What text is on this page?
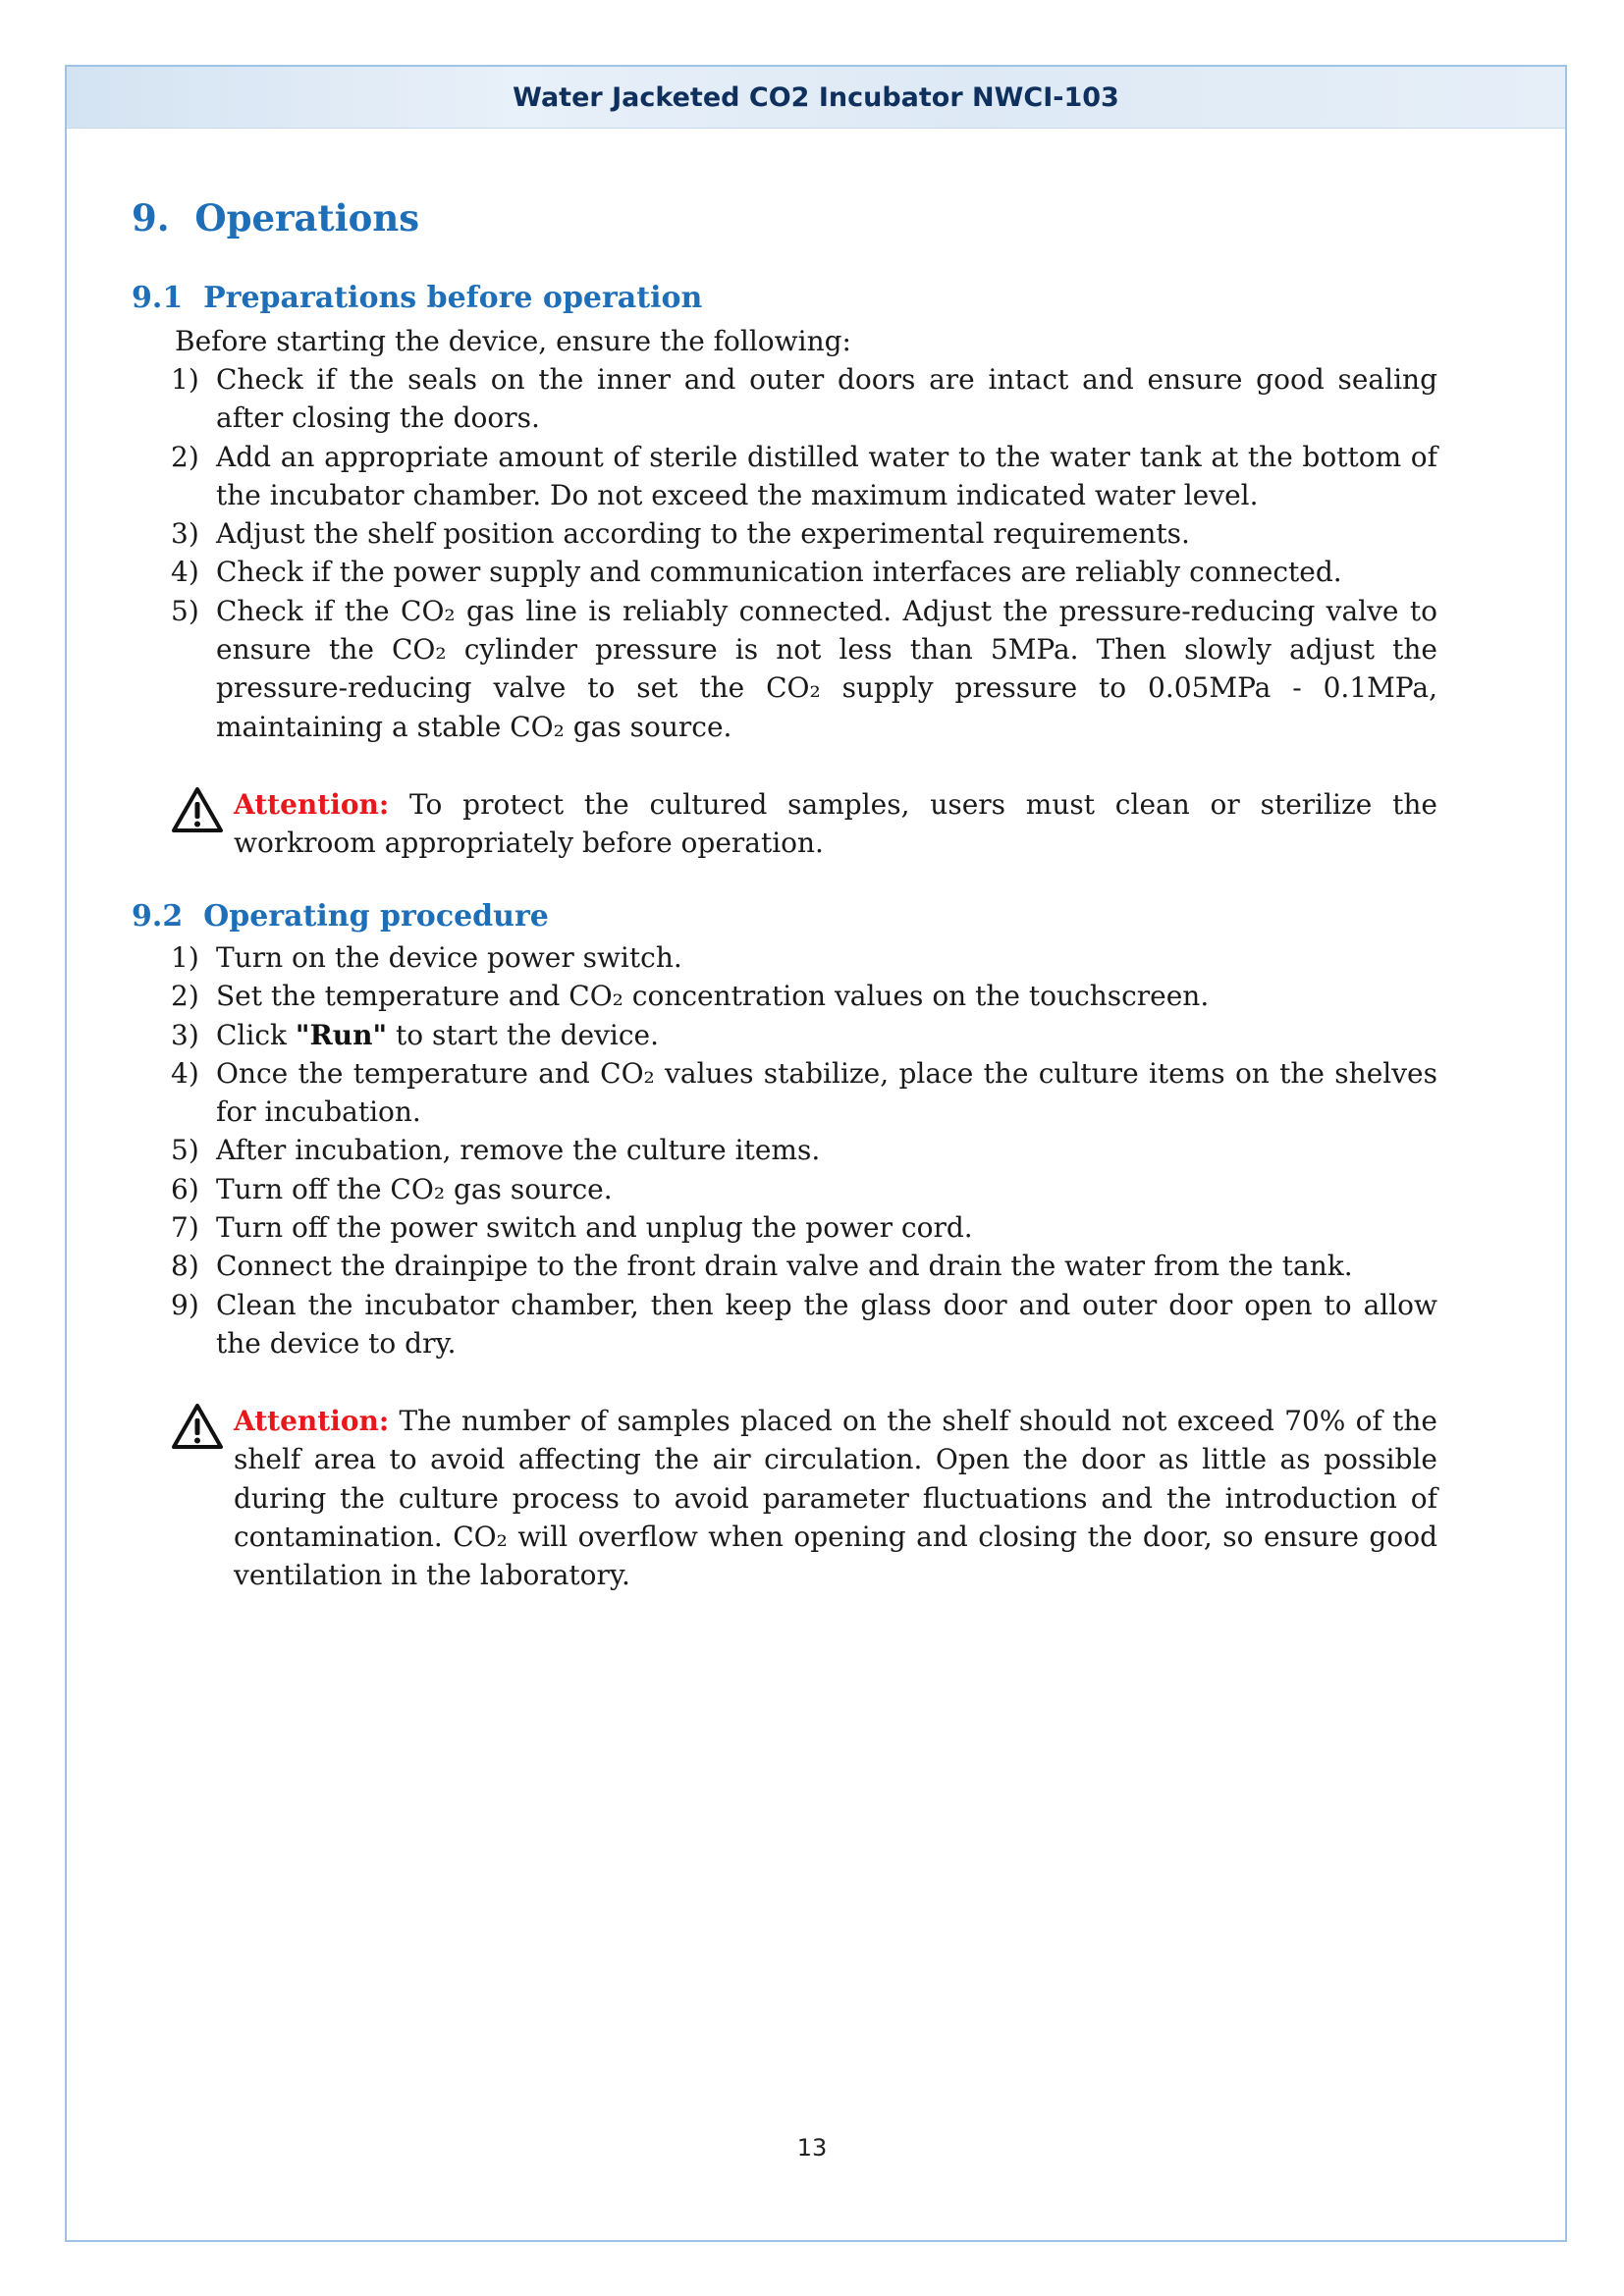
Water Jacketed CO2 Incubator NWCI-103
9. Operations
9.1 Preparations before operation
Before starting the device, ensure the following:
1) Check if the seals on the inner and outer doors are intact and ensure good sealing after closing the doors.
2) Add an appropriate amount of sterile distilled water to the water tank at the bottom of the incubator chamber. Do not exceed the maximum indicated water level.
3) Adjust the shelf position according to the experimental requirements.
4) Check if the power supply and communication interfaces are reliably connected.
5) Check if the CO₂ gas line is reliably connected. Adjust the pressure-reducing valve to ensure the CO₂ cylinder pressure is not less than 5MPa. Then slowly adjust the pressure-reducing valve to set the CO₂ supply pressure to 0.05MPa - 0.1MPa, maintaining a stable CO₂ gas source.
Attention: To protect the cultured samples, users must clean or sterilize the workroom appropriately before operation.
9.2 Operating procedure
1) Turn on the device power switch.
2) Set the temperature and CO₂ concentration values on the touchscreen.
3) Click "Run" to start the device.
4) Once the temperature and CO₂ values stabilize, place the culture items on the shelves for incubation.
5) After incubation, remove the culture items.
6) Turn off the CO₂ gas source.
7) Turn off the power switch and unplug the power cord.
8) Connect the drainpipe to the front drain valve and drain the water from the tank.
9) Clean the incubator chamber, then keep the glass door and outer door open to allow the device to dry.
Attention: The number of samples placed on the shelf should not exceed 70% of the shelf area to avoid affecting the air circulation. Open the door as little as possible during the culture process to avoid parameter fluctuations and the introduction of contamination. CO₂ will overflow when opening and closing the door, so ensure good ventilation in the laboratory.
13
